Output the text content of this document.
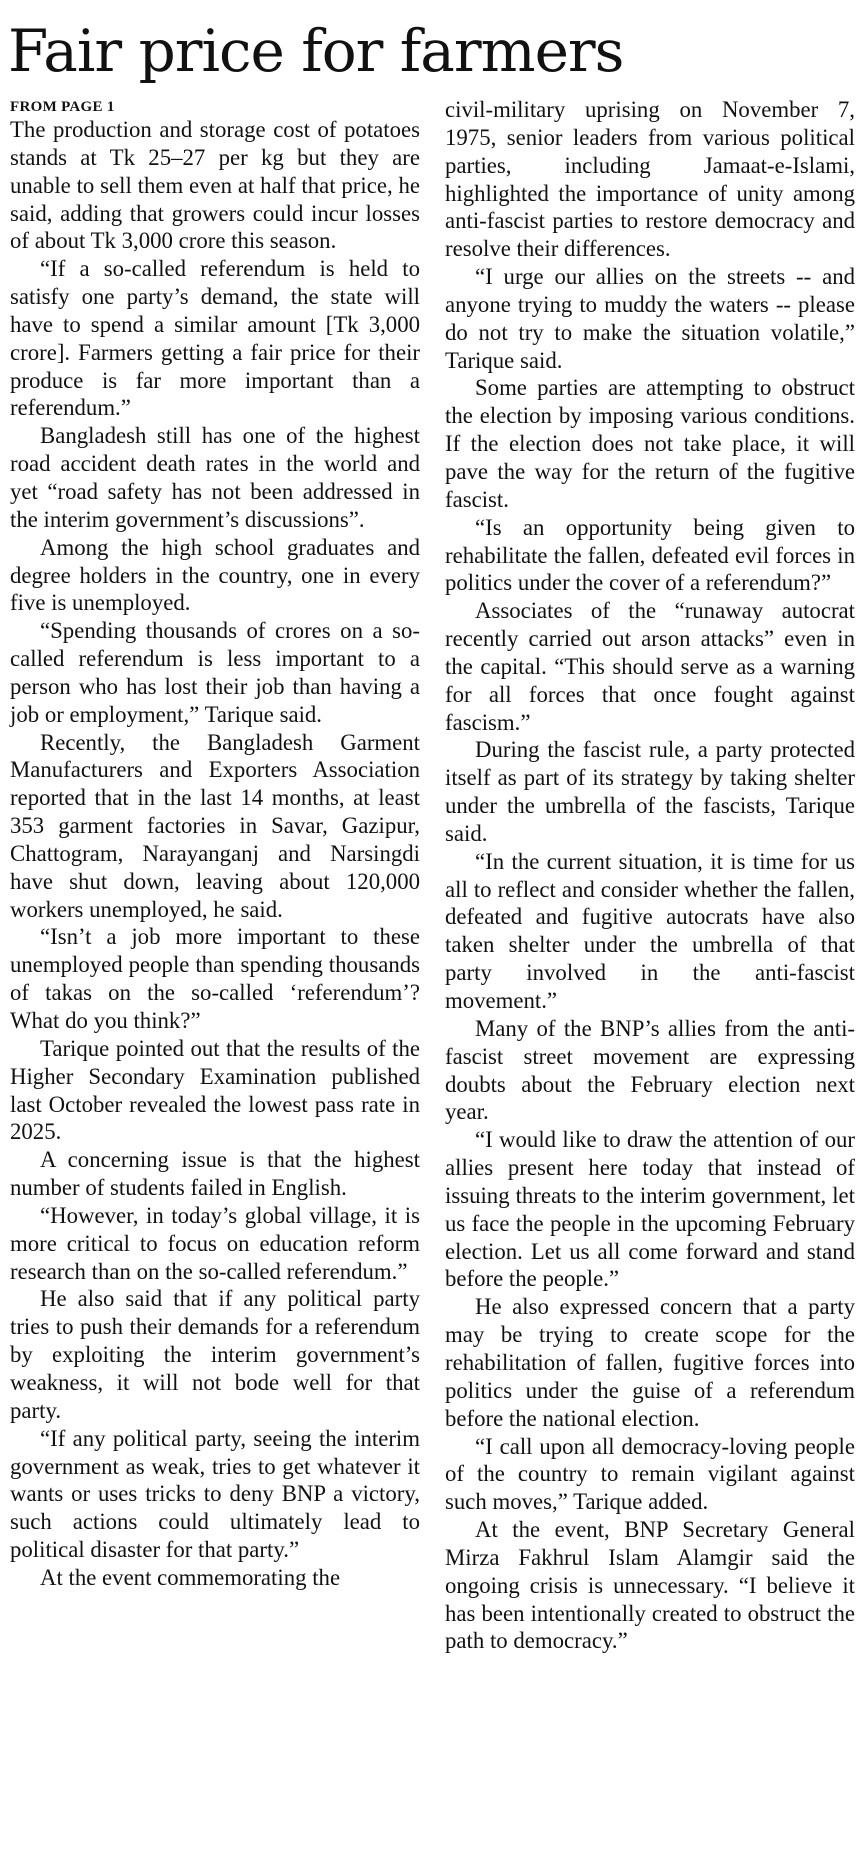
Fair price for farmers
FROM PAGE 1

The production and storage cost of potatoes stands at Tk 25–27 per kg but they are unable to sell them even at half that price, he said, adding that growers could incur losses of about Tk 3,000 crore this season.

“If a so-called referendum is held to satisfy one party’s demand, the state will have to spend a similar amount [Tk 3,000 crore]. Farmers getting a fair price for their produce is far more important than a referendum.”

Bangladesh still has one of the highest road accident death rates in the world and yet “road safety has not been addressed in the interim government’s discussions”.

Among the high school graduates and degree holders in the country, one in every five is unemployed.

“Spending thousands of crores on a so-called referendum is less important to a person who has lost their job than having a job or employment,” Tarique said.

Recently, the Bangladesh Garment Manufacturers and Exporters Association reported that in the last 14 months, at least 353 garment factories in Savar, Gazipur, Chattogram, Narayanganj and Narsingdi have shut down, leaving about 120,000 workers unemployed, he said.

“Isn’t a job more important to these unemployed people than spending thousands of takas on the so-called ‘referendum’? What do you think?”

Tarique pointed out that the results of the Higher Secondary Examination published last October revealed the lowest pass rate in 2025.

A concerning issue is that the highest number of students failed in English.

“However, in today’s global village, it is more critical to focus on education reform research than on the so-called referendum.”

He also said that if any political party tries to push their demands for a referendum by exploiting the interim government’s weakness, it will not bode well for that party.

“If any political party, seeing the interim government as weak, tries to get whatever it wants or uses tricks to deny BNP a victory, such actions could ultimately lead to political disaster for that party.”

At the event commemorating the

civil-military uprising on November 7, 1975, senior leaders from various political parties, including Jamaat-e-Islami, highlighted the importance of unity among anti-fascist parties to restore democracy and resolve their differences.

“I urge our allies on the streets -- and anyone trying to muddy the waters -- please do not try to make the situation volatile,” Tarique said.

Some parties are attempting to obstruct the election by imposing various conditions. If the election does not take place, it will pave the way for the return of the fugitive fascist.

“Is an opportunity being given to rehabilitate the fallen, defeated evil forces in politics under the cover of a referendum?”

Associates of the “runaway autocrat recently carried out arson attacks” even in the capital. “This should serve as a warning for all forces that once fought against fascism.”

During the fascist rule, a party protected itself as part of its strategy by taking shelter under the umbrella of the fascists, Tarique said.

“In the current situation, it is time for us all to reflect and consider whether the fallen, defeated and fugitive autocrats have also taken shelter under the umbrella of that party involved in the anti-fascist movement.”

Many of the BNP’s allies from the anti-fascist street movement are expressing doubts about the February election next year.

“I would like to draw the attention of our allies present here today that instead of issuing threats to the interim government, let us face the people in the upcoming February election. Let us all come forward and stand before the people.”

He also expressed concern that a party may be trying to create scope for the rehabilitation of fallen, fugitive forces into politics under the guise of a referendum before the national election.

“I call upon all democracy-loving people of the country to remain vigilant against such moves,” Tarique added.

At the event, BNP Secretary General Mirza Fakhrul Islam Alamgir said the ongoing crisis is unnecessary. “I believe it has been intentionally created to obstruct the path to democracy.”
